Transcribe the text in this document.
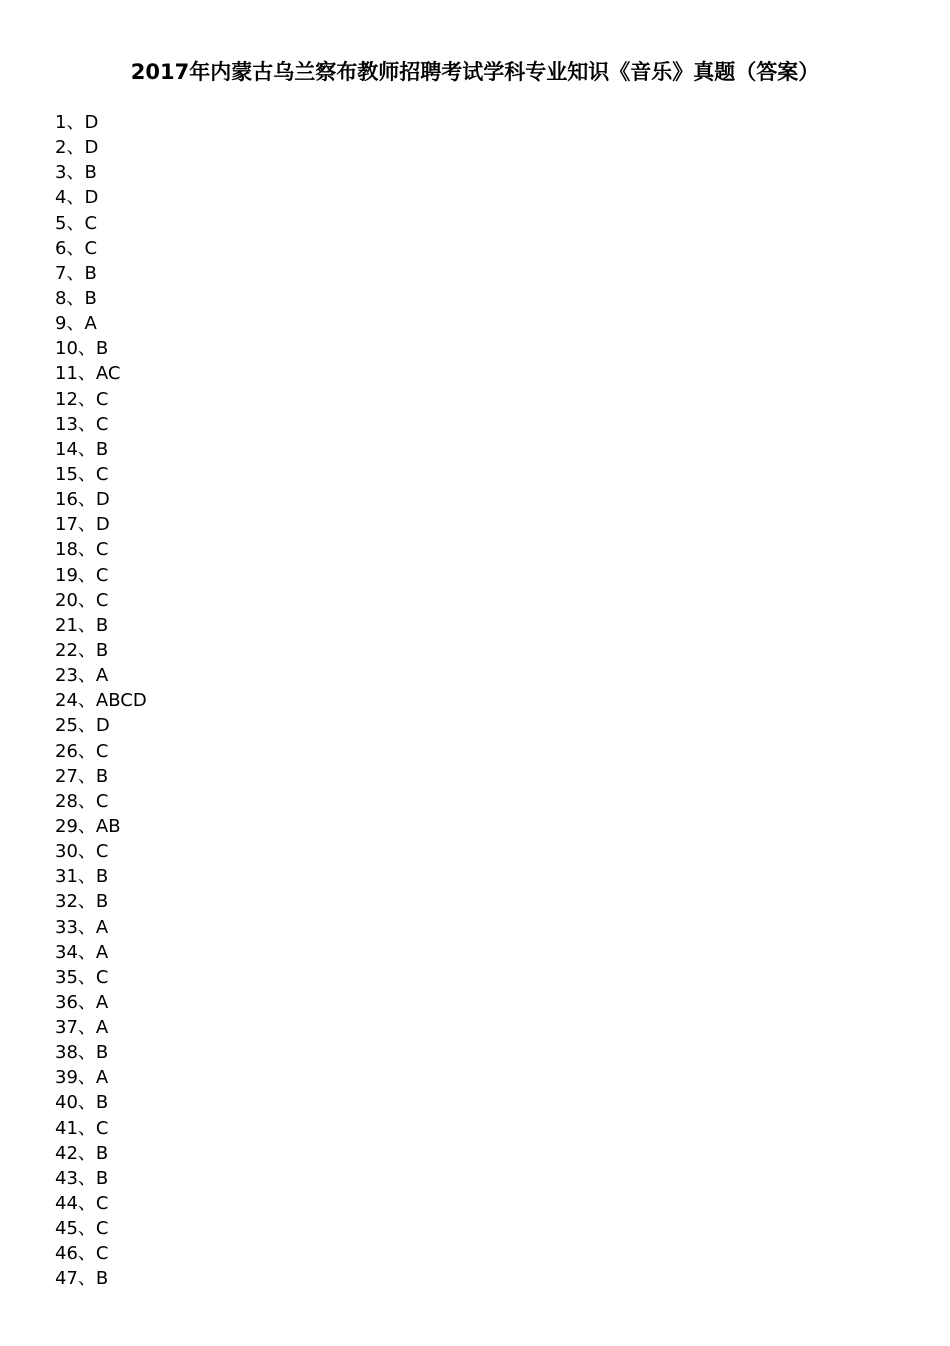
2017年内蒙古乌兰察布教师招聘考试学科专业知识《音乐》真题（答案）
1、D
2、D
3、B
4、D
5、C
6、C
7、B
8、B
9、A
10、B
11、AC
12、C
13、C
14、B
15、C
16、D
17、D
18、C
19、C
20、C
21、B
22、B
23、A
24、ABCD
25、D
26、C
27、B
28、C
29、AB
30、C
31、B
32、B
33、A
34、A
35、C
36、A
37、A
38、B
39、A
40、B
41、C
42、B
43、B
44、C
45、C
46、C
47、B
